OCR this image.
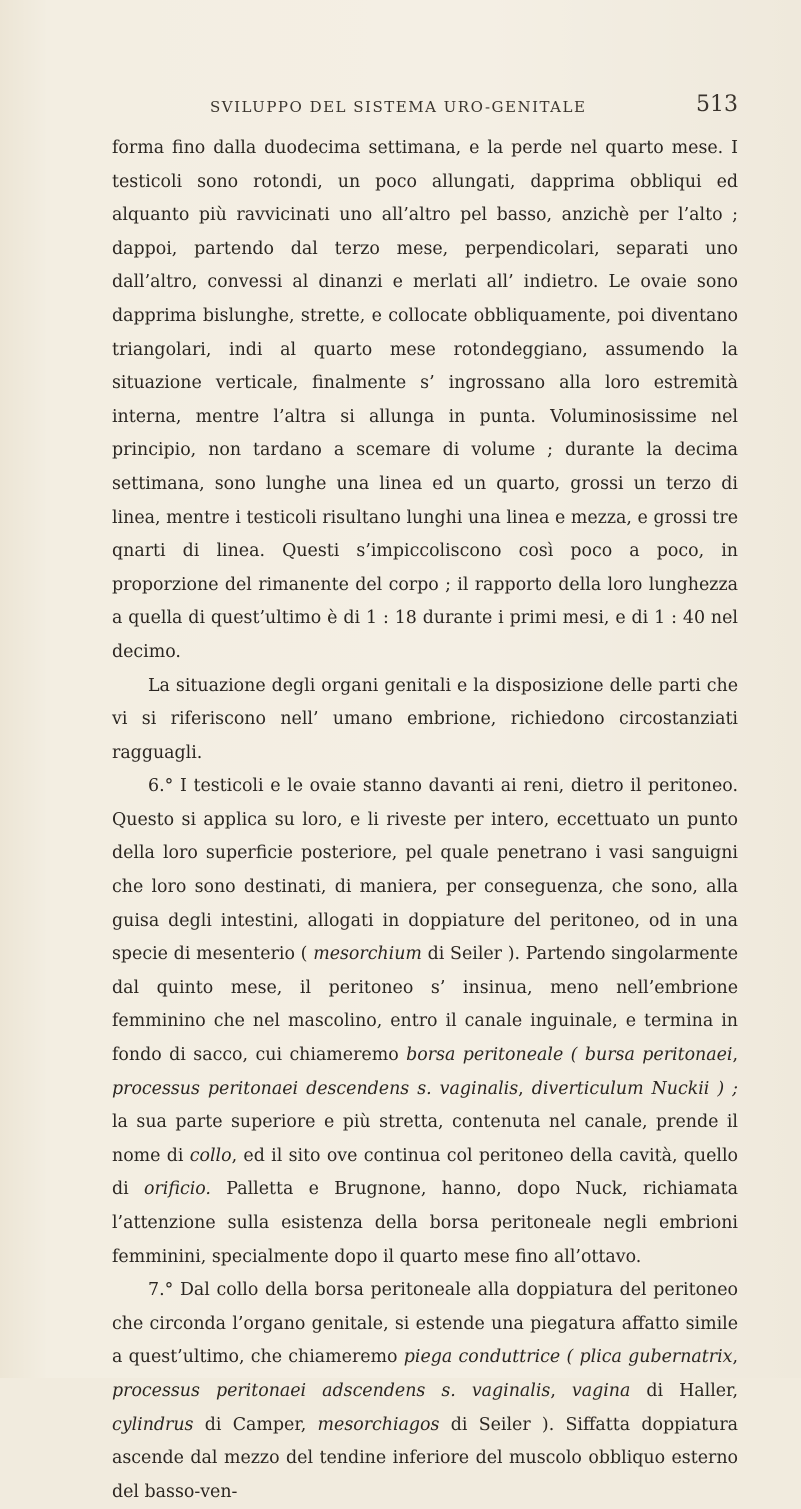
SVILUPPO DEL SISTEMA URO-GENITALE	513

forma fino dalla duodecima settimana, e la perde nel quarto mese. I testicoli sono rotondi, un poco allungati, dapprima obbliqui ed alquanto più ravvicinati uno all’altro pel basso, anzichè per l’alto ; dappoi, partendo dal terzo mese, perpendicolari, separati uno dall’altro, convessi al dinanzi e merlati all’ indietro. Le ovaie sono dapprima bislunghe, strette, e collocate obbliquamente, poi diventano triangolari, indi al quarto mese rotondeggiano, assumendo la situazione verticale, finalmente s’ ingrossano alla loro estremità interna, mentre l’altra si allunga in punta. Voluminosissime nel principio, non tardano a scemare di volume ; durante la decima settimana, sono lunghe una linea ed un quarto, grossi un terzo di linea, mentre i testicoli risultano lunghi una linea e mezza, e grossi tre qnarti di linea. Questi s’impiccoliscono così poco a poco, in proporzione del rimanente del corpo ; il rapporto della loro lunghezza a quella di quest’ultimo è di 1 : 18 durante i primi mesi, e di 1 : 40 nel decimo.

La situazione degli organi genitali e la disposizione delle parti che vi si riferiscono nell’ umano embrione, richiedono circostanziati ragguagli.

6.° I testicoli e le ovaie stanno davanti ai reni, dietro il peritoneo. Questo si applica su loro, e li riveste per intero, eccettuato un punto della loro superficie posteriore, pel quale penetrano i vasi sanguigni che loro sono destinati, di maniera, per conseguenza, che sono, alla guisa degli intestini, allogati in doppiature del peritoneo, od in una specie di mesenterio ( mesorchium di Seiler ). Partendo singolarmente dal quinto mese, il peritoneo s’ insinua, meno nell’embrione femminino che nel mascolino, entro il canale inguinale, e termina in fondo di sacco, cui chiameremo borsa peritoneale ( bursa peritonaei, processus peritonaei descendens s. vaginalis, diverticulum Nuckii ) ; la sua parte superiore e più stretta, contenuta nel canale, prende il nome di collo, ed il sito ove continua col peritoneo della cavità, quello di orificio. Palletta e Brugnone, hanno, dopo Nuck, richiamata l’attenzione sulla esistenza della borsa peritoneale negli embrioni femminini, specialmente dopo il quarto mese fino all’ottavo.

7.° Dal collo della borsa peritoneale alla doppiatura del peritoneo che circonda l’organo genitale, si estende una piegatura affatto simile a quest’ultimo, che chiameremo piega conduttrice ( plica gubernatrix, processus peritonaei adscendens s. vaginalis, vagina di Haller, cylindrus di Camper, mesorchiagos di Seiler ). Siffatta doppiatura ascende dal mezzo del tendine inferiore del muscolo obbliquo esterno del basso-ven-
